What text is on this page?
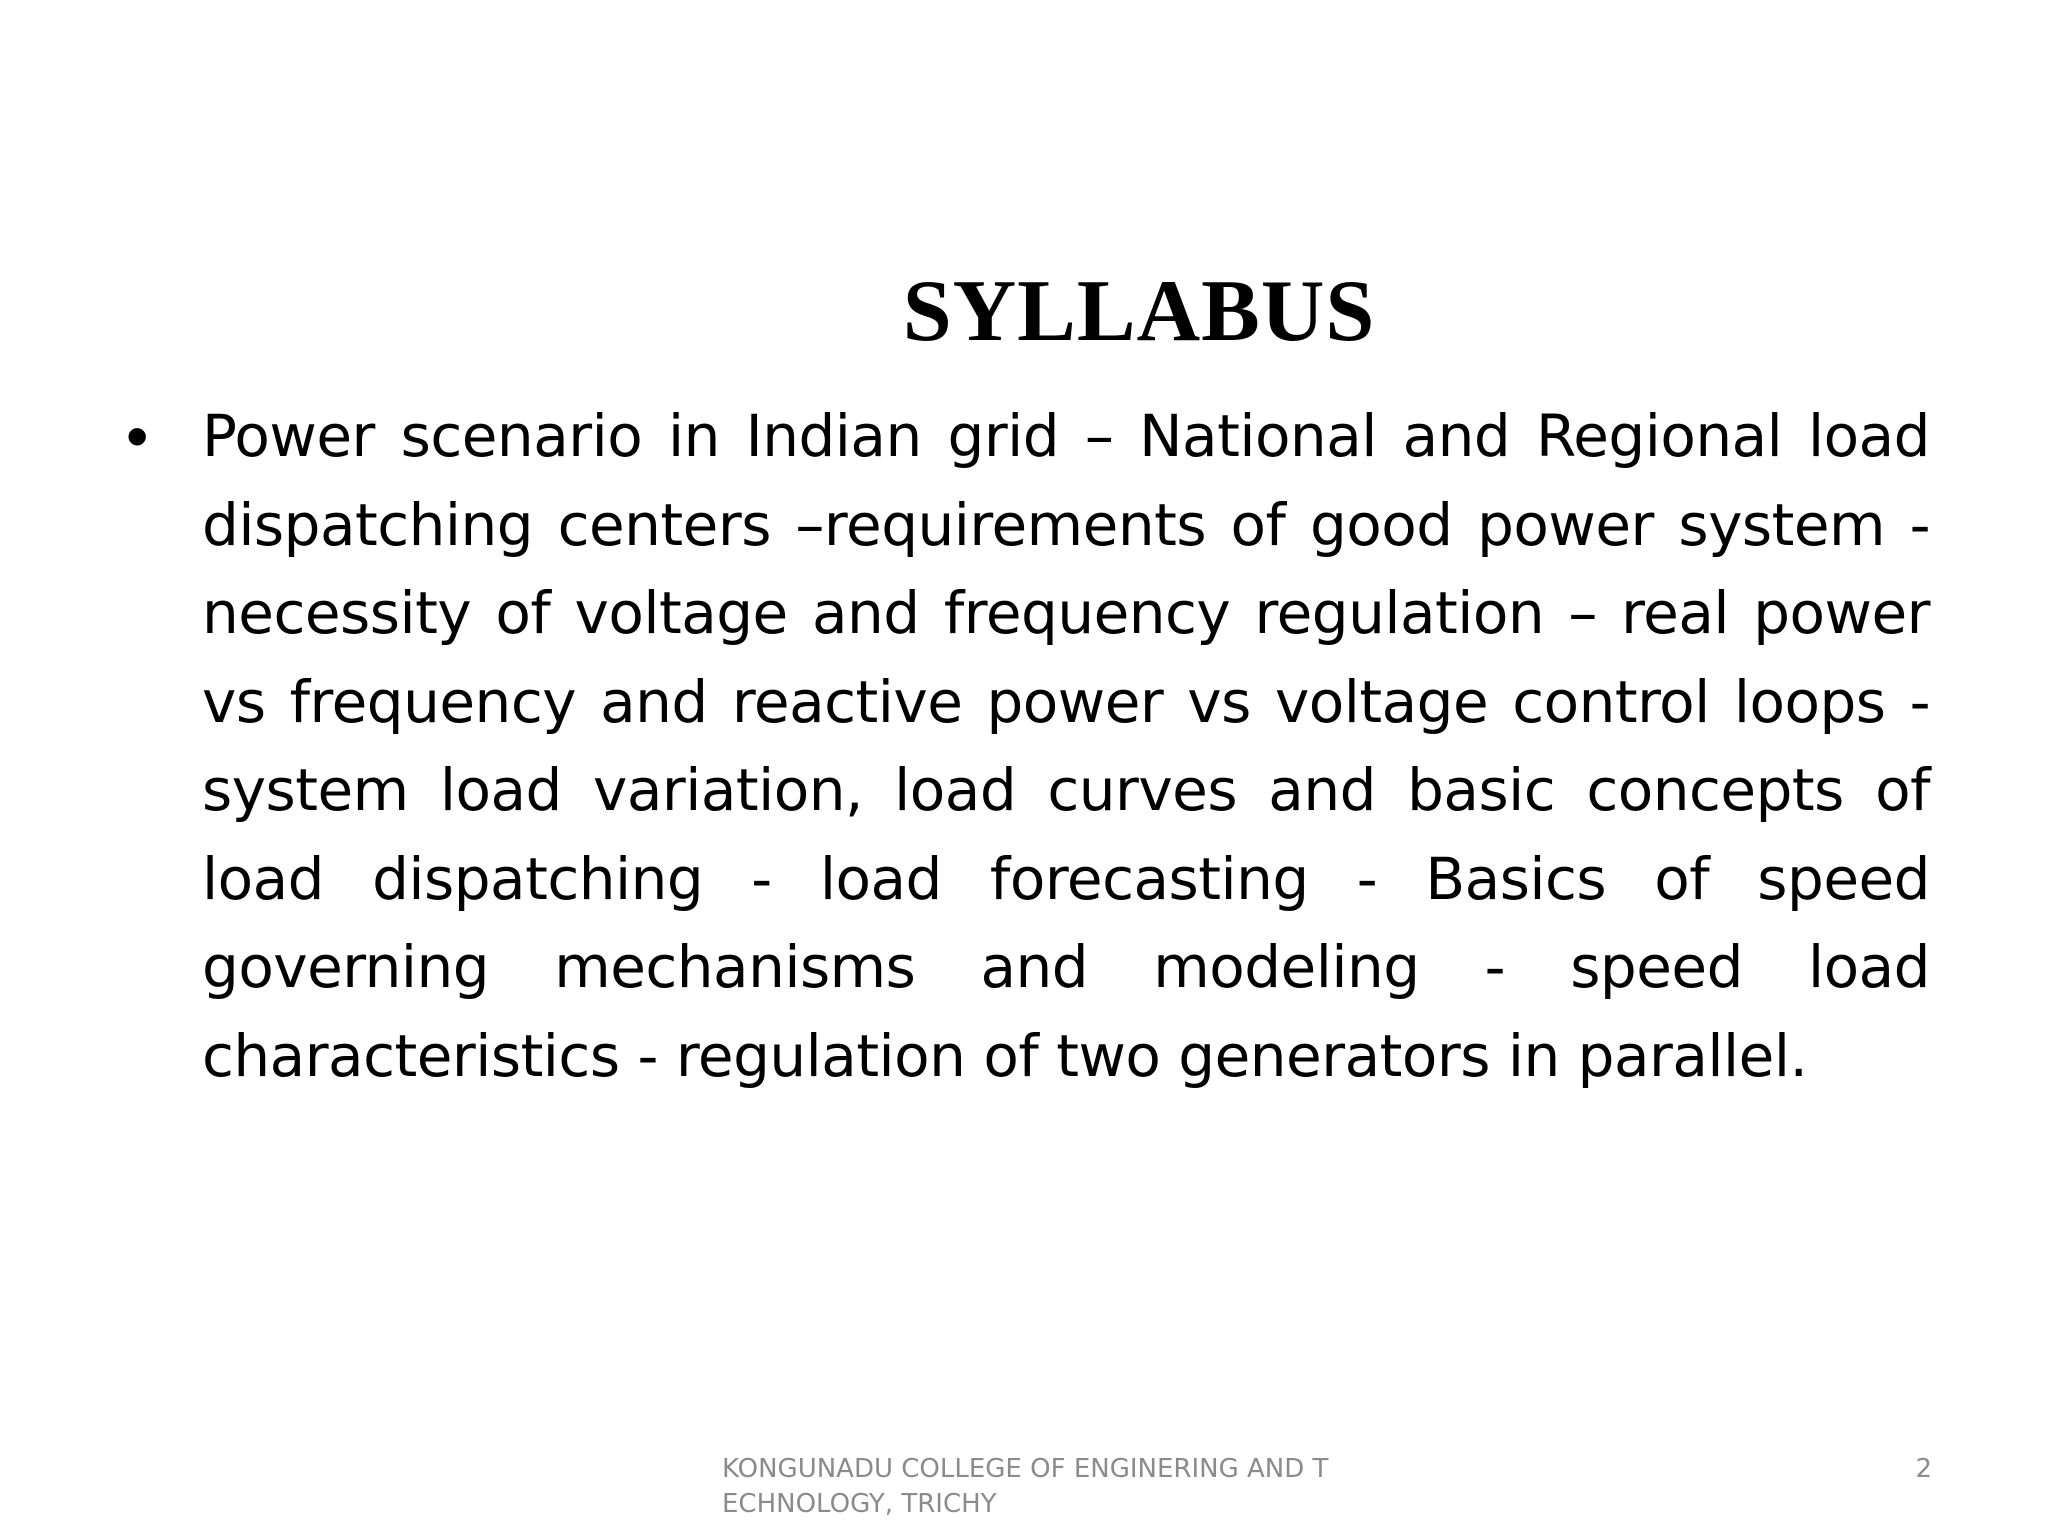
SYLLABUS
• Power scenario in Indian grid – National and Regional load dispatching centers –requirements of good power system - necessity of voltage and frequency regulation – real power vs frequency and reactive power vs voltage control loops - system load variation, load curves and basic concepts of load dispatching - load forecasting - Basics of speed governing mechanisms and modeling - speed load characteristics - regulation of two generators in parallel.
KONGUNADU COLLEGE OF ENGINERING AND TECHNOLOGY, TRICHY
2
